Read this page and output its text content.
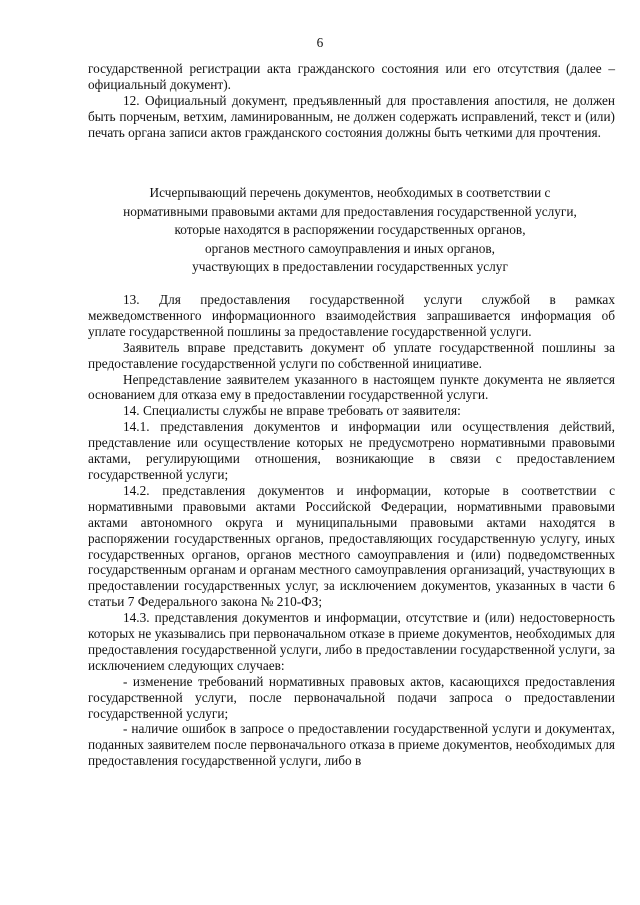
6

государственной регистрации акта гражданского состояния или его отсутствия (далее – официальный документ).

12. Официальный документ, предъявленный для проставления апостиля, не должен быть порченым, ветхим, ламинированным, не должен содержать исправлений, текст и (или) печать органа записи актов гражданского состояния должны быть четкими для прочтения.

Исчерпывающий перечень документов, необходимых в соответствии с
нормативными правовыми актами для предоставления государственной услуги,
которые находятся в распоряжении государственных органов,
органов местного самоуправления и иных органов,
участвующих в предоставлении государственных услуг

13. Для предоставления государственной услуги службой в рамках межведомственного информационного взаимодействия запрашивается информация об уплате государственной пошлины за предоставление государственной услуги.

Заявитель вправе представить документ об уплате государственной пошлины за предоставление государственной услуги по собственной инициативе.

Непредставление заявителем указанного в настоящем пункте документа не является основанием для отказа ему в предоставлении государственной услуги.

14. Специалисты службы не вправе требовать от заявителя:

14.1. представления документов и информации или осуществления действий, представление или осуществление которых не предусмотрено нормативными правовыми актами, регулирующими отношения, возникающие в связи с предоставлением государственной услуги;

14.2. представления документов и информации, которые в соответствии с нормативными правовыми актами Российской Федерации, нормативными правовыми актами автономного округа и муниципальными правовыми актами находятся в распоряжении государственных органов, предоставляющих государственную услугу, иных государственных органов, органов местного самоуправления и (или) подведомственных государственным органам и органам местного самоуправления организаций, участвующих в предоставлении государственных услуг, за исключением документов, указанных в части 6 статьи 7 Федерального закона № 210-ФЗ;

14.3. представления документов и информации, отсутствие и (или) недостоверность которых не указывались при первоначальном отказе в приеме документов, необходимых для предоставления государственной услуги, либо в предоставлении государственной услуги, за исключением следующих случаев:

- изменение требований нормативных правовых актов, касающихся предоставления государственной услуги, после первоначальной подачи запроса о предоставлении государственной услуги;

- наличие ошибок в запросе о предоставлении государственной услуги и документах, поданных заявителем после первоначального отказа в приеме документов, необходимых для предоставления государственной услуги, либо в
